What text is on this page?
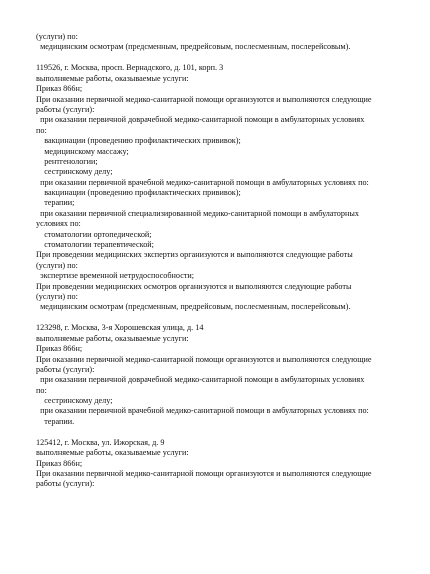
(услуги) по:
медицинским осмотрам (предсменным, предрейсовым, послесменным, послерейсовым).
119526, г. Москва, просп. Вернадского, д. 101, корп. 3
выполняемые работы, оказываемые услуги:
Приказ 866н;
При оказании первичной медико-санитарной помощи организуются и выполняются следующие
работы (услуги):
при оказании первичной доврачебной медико-санитарной помощи в амбулаторных условиях
по:
вакцинации (проведению профилактических прививок);
медицинскому массажу;
рентгенологии;
сестринскому делу;
при оказании первичной врачебной медико-санитарной помощи в амбулаторных условиях по:
вакцинации (проведению профилактических прививок);
терапии;
при оказании первичной специализированной медико-санитарной помощи в амбулаторных
условиях по:
стоматологии ортопедической;
стоматологии терапевтической;
При проведении медицинских экспертиз организуются и выполняются следующие работы
(услуги) по:
экспертизе временной нетрудоспособности;
При проведении медицинских осмотров организуются и выполняются следующие работы
(услуги) по:
медицинским осмотрам (предсменным, предрейсовым, послесменным, послерейсовым).
123298, г. Москва, 3-я Хорошевская улица, д. 14
выполняемые работы, оказываемые услуги:
Приказ 866н;
При оказании первичной медико-санитарной помощи организуются и выполняются следующие
работы (услуги):
при оказании первичной доврачебной медико-санитарной помощи в амбулаторных условиях
по:
сестринскому делу;
при оказании первичной врачебной медико-санитарной помощи в амбулаторных условиях по:
терапии.
125412, г. Москва, ул. Ижорская, д. 9
выполняемые работы, оказываемые услуги:
Приказ 866н;
При оказании первичной медико-санитарной помощи организуются и выполняются следующие
работы (услуги):
